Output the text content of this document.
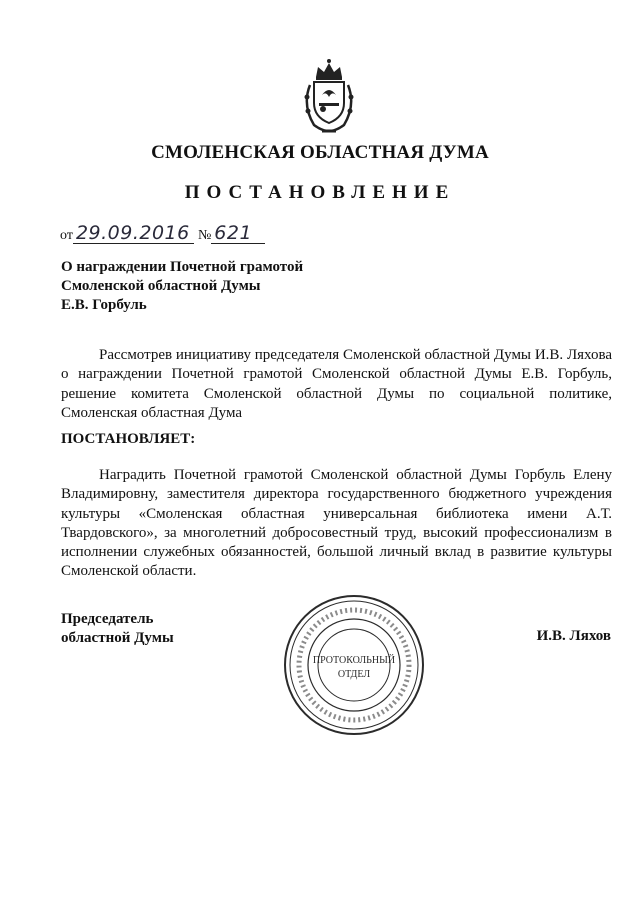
СМОЛЕНСКАЯ ОБЛАСТНАЯ ДУМА
ПОСТАНОВЛЕНИЕ
от 29.09.2016 № 621
О награждении Почетной грамотой
Смоленской областной Думы
Е.В. Горбуль
Рассмотрев инициативу председателя Смоленской областной Думы И.В. Ляхова о награждении Почетной грамотой Смоленской областной Думы Е.В. Горбуль, решение комитета Смоленской областной Думы по социальной политике, Смоленская областная Дума
ПОСТАНОВЛЯЕТ:
Наградить Почетной грамотой Смоленской областной Думы Горбуль Елену Владимировну, заместителя директора государственного бюджетного учреждения культуры «Смоленская областная универсальная библиотека имени А.Т. Твардовского», за многолетний добросовестный труд, высокий профессионализм в исполнении служебных обязанностей, большой личный вклад в развитие культуры Смоленской области.
Председатель
областной Думы
ПРОТОКОЛЬНЫЙ
ОТДЕЛ
И.В. Ляхов
